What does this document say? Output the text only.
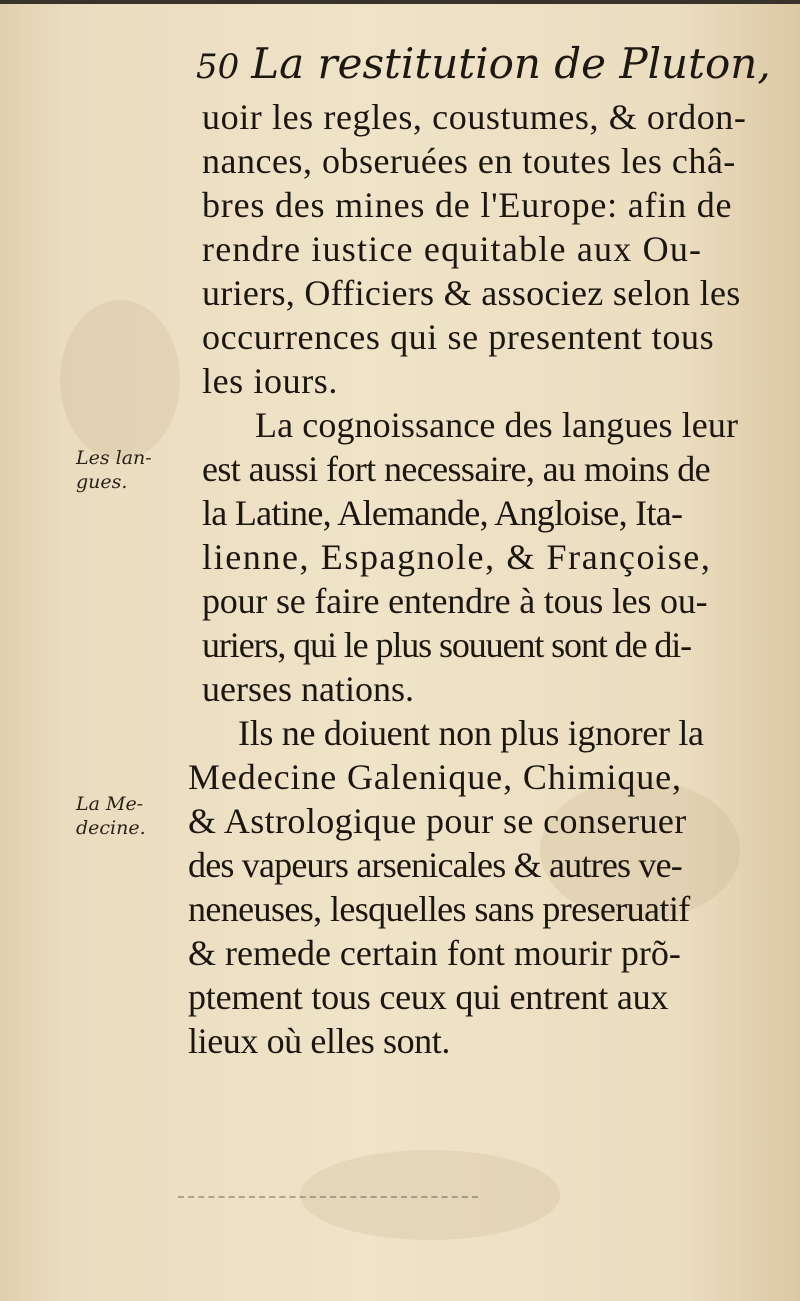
50 La restitution de Pluton,
uoir les regles, coustumes, & ordon-
nances, obseruées en toutes les châ-
bres des mines de l'Europe: afin de
rendre iustice equitable aux Ou-
uriers, Officiers & associez selon les
occurrences qui se presentent tous
les iours.
La cognoissance des langues leur
est aussi fort necessaire, au moins de
la Latine, Alemande, Angloise, Ita-
lienne, Espagnole, & Françoise,
pour se faire entendre à tous les ou-
uriers, qui le plus souuent sont de di-
uerses nations.
Ils ne doiuent non plus ignorer la
Medecine Galenique, Chimique,
& Astrologique pour se conseruer
des vapeurs arsenicales & autres ve-
neneuses, lesquelles sans preseruatif
& remede certain font mourir prõ-
ptement tous ceux qui entrent aux
lieux où elles sont.
Les lan-
gues.
La Me-
decine.
